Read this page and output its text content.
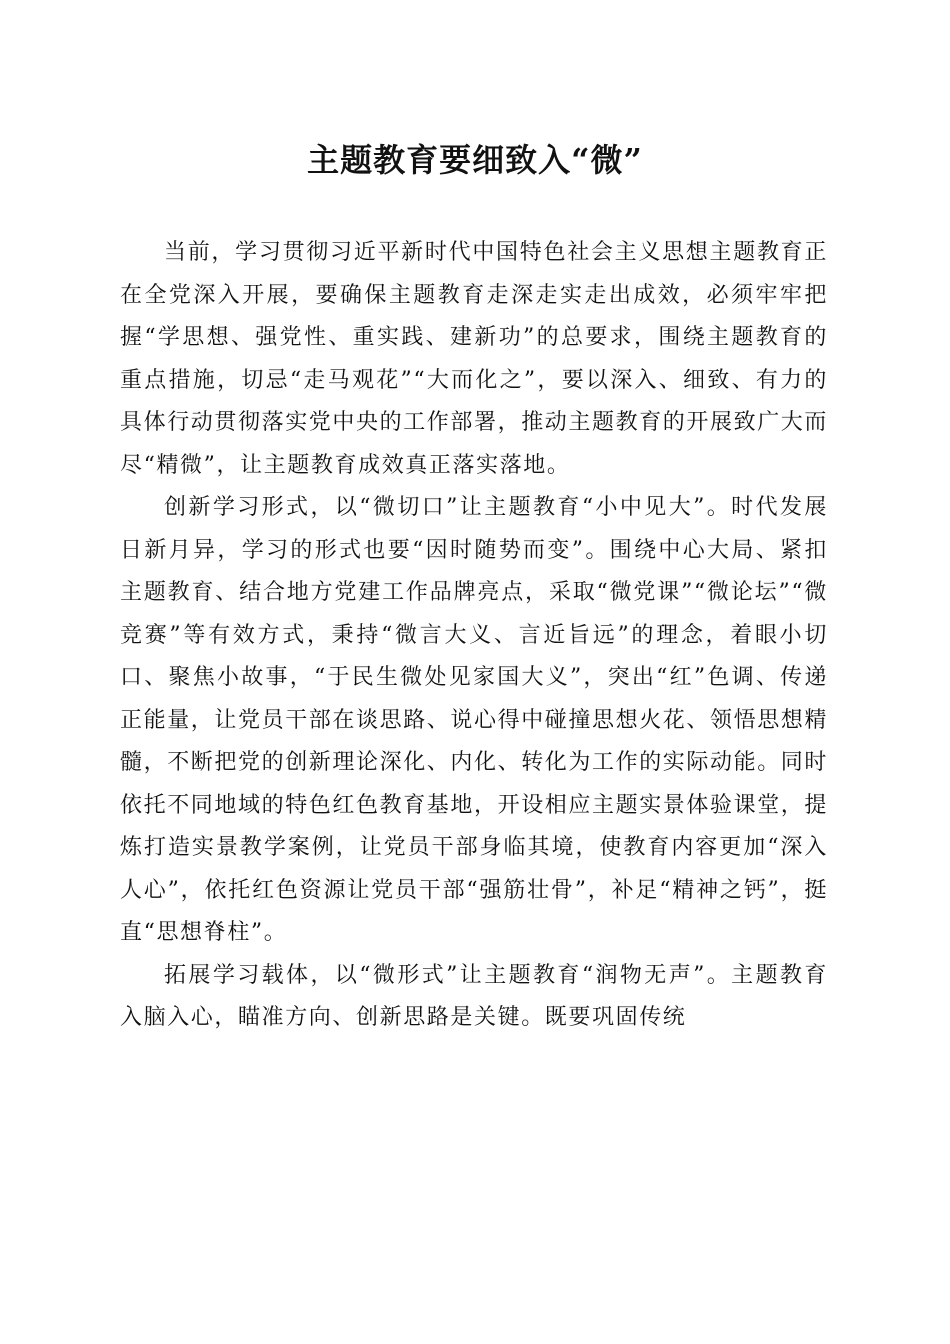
主题教育要细致入“微”

当前，学习贯彻习近平新时代中国特色社会主义思想主题教育正在全党深入开展，要确保主题教育走深走实走出成效，必须牢牢把握“学思想、强党性、重实践、建新功”的总要求，围绕主题教育的重点措施，切忌“走马观花”“大而化之”，要以深入、细致、有力的具体行动贯彻落实党中央的工作部署，推动主题教育的开展致广大而尽“精微”，让主题教育成效真正落实落地。

创新学习形式，以“微切口”让主题教育“小中见大”。时代发展日新月异，学习的形式也要“因时随势而变”。围绕中心大局、紧扣主题教育、结合地方党建工作品牌亮点，采取“微党课”“微论坛”“微竞赛”等有效方式，秉持“微言大义、言近旨远”的理念，着眼小切口、聚焦小故事，“于民生微处见家国大义”，突出“红”色调、传递正能量，让党员干部在谈思路、说心得中碰撞思想火花、领悟思想精髓，不断把党的创新理论深化、内化、转化为工作的实际动能。同时依托不同地域的特色红色教育基地，开设相应主题实景体验课堂，提炼打造实景教学案例，让党员干部身临其境，使教育内容更加“深入人心”，依托红色资源让党员干部“强筋壮骨”，补足“精神之钙”，挺直“思想脊柱”。

拓展学习载体，以“微形式”让主题教育“润物无声”。主题教育入脑入心，瞄准方向、创新思路是关键。既要巩固传统
